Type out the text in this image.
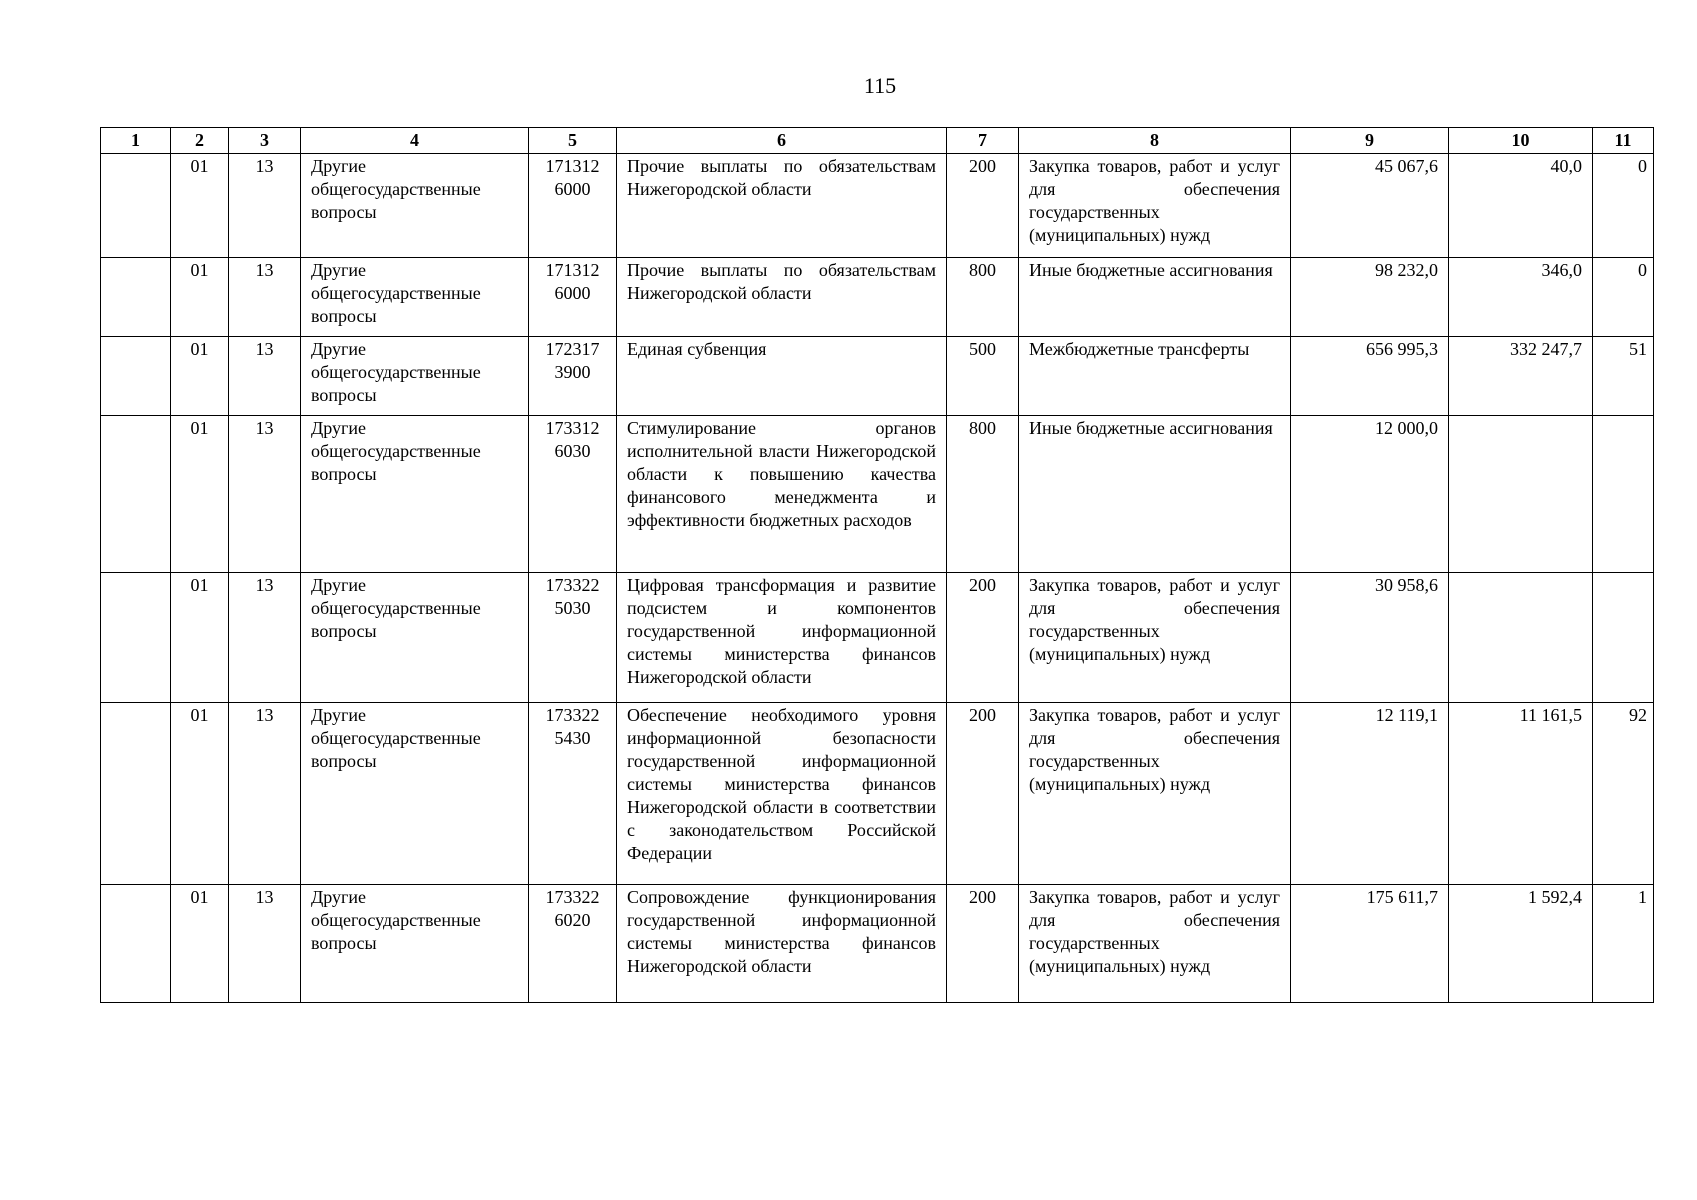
115
1	2	3	4	5	6	7	8	9	10	11
	01	13	Другие общегосударственные вопросы	171312 6000	Прочие выплаты по обязательствам Нижегородской области	200	Закупка товаров, работ и услуг для обеспечения государственных (муниципальных) нужд	45 067,6	40,0	0
	01	13	Другие общегосударственные вопросы	171312 6000	Прочие выплаты по обязательствам Нижегородской области	800	Иные бюджетные ассигнования	98 232,0	346,0	0
	01	13	Другие общегосударственные вопросы	172317 3900	Единая субвенция	500	Межбюджетные трансферты	656 995,3	332 247,7	51
	01	13	Другие общегосударственные вопросы	173312 6030	Стимулирование органов исполнительной власти Нижегородской области к повышению качества финансового менеджмента и эффективности бюджетных расходов	800	Иные бюджетные ассигнования	12 000,0		
	01	13	Другие общегосударственные вопросы	173322 5030	Цифровая трансформация и развитие подсистем и компонентов государственной информационной системы министерства финансов Нижегородской области	200	Закупка товаров, работ и услуг для обеспечения государственных (муниципальных) нужд	30 958,6		
	01	13	Другие общегосударственные вопросы	173322 5430	Обеспечение необходимого уровня информационной безопасности государственной информационной системы министерства финансов Нижегородской области в соответствии с законодательством Российской Федерации	200	Закупка товаров, работ и услуг для обеспечения государственных (муниципальных) нужд	12 119,1	11 161,5	92
	01	13	Другие общегосударственные вопросы	173322 6020	Сопровождение функционирования государственной информационной системы министерства финансов Нижегородской области	200	Закупка товаров, работ и услуг для обеспечения государственных (муниципальных) нужд	175 611,7	1 592,4	1
